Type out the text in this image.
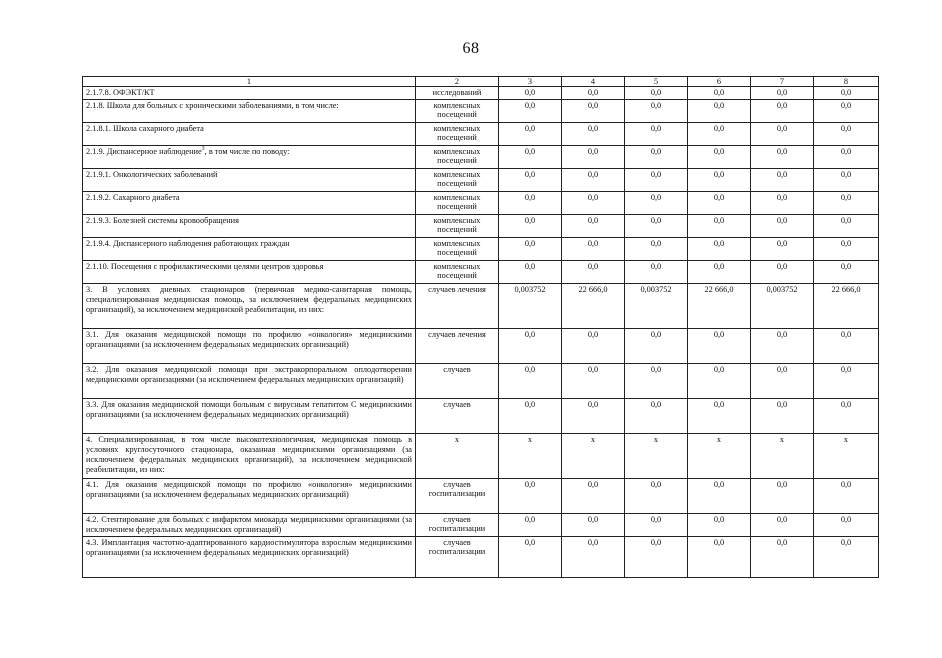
68
1	2	3	4	5	6	7	8
2.1.7.8. ОФЭКТ/КТ	исследований	0,0	0,0	0,0	0,0	0,0	0,0
2.1.8. Школа для больных с хроническими заболеваниями, в том числе:	комплексных посещений	0,0	0,0	0,0	0,0	0,0	0,0
2.1.8.1. Школа сахарного диабета	комплексных посещений	0,0	0,0	0,0	0,0	0,0	0,0
2.1.9. Диспансерное наблюдение$^3$, в том числе по поводу:	комплексных посещений	0,0	0,0	0,0	0,0	0,0	0,0
2.1.9.1. Онкологических заболеваний	комплексных посещений	0,0	0,0	0,0	0,0	0,0	0,0
2.1.9.2. Сахарного диабета	комплексных посещений	0,0	0,0	0,0	0,0	0,0	0,0
2.1.9.3. Болезней системы кровообращения	комплексных посещений	0,0	0,0	0,0	0,0	0,0	0,0
2.1.9.4. Диспансерного наблюдения работающих граждан	комплексных посещений	0,0	0,0	0,0	0,0	0,0	0,0
2.1.10. Посещения с профилактическими целями центров здоровья	комплексных посещений	0,0	0,0	0,0	0,0	0,0	0,0
3. В условиях дневных стационаров (первичная медико-санитарная помощь, специализированная медицинская помощь, за исключением федеральных медицинских организаций), за исключением медицинской реабилитации, из них:	случаев лечения	0,003752	22 666,0	0,003752	22 666,0	0,003752	22 666,0
3.1. Для оказания медицинской помощи по профилю «онкология» медицинскими организациями (за исключением федеральных медицинских организаций)	случаев лечения	0,0	0,0	0,0	0,0	0,0	0,0
3.2. Для оказания медицинской помощи при экстракорпоральном оплодотворении медицинскими организациями (за исключением федеральных медицинских организаций)	случаев	0,0	0,0	0,0	0,0	0,0	0,0
3.3. Для оказания медицинской помощи больным с вирусным гепатитом С медицинскими организациями (за исключением федеральных медицинских организаций)	случаев	0,0	0,0	0,0	0,0	0,0	0,0
4. Специализированная, в том числе высокотехнологичная, медицинская помощь в условиях круглосуточного стационара, оказанная медицинскими организациями (за исключением федеральных медицинских организаций), за исключением медицинской реабилитации, из них:	x	x	x	x	x	x	x
4.1. Для оказания медицинской помощи по профилю «онкология» медицинскими организациями (за исключением федеральных медицинских организаций)	случаев госпитализации	0,0	0,0	0,0	0,0	0,0	0,0
4.2. Стентирование для больных с инфарктом миокарда медицинскими организациями (за исключением федеральных медицинских организаций)	случаев госпитализации	0,0	0,0	0,0	0,0	0,0	0,0
4.3. Имплантация частотно-адаптированного кардиостимулятора взрослым медицинскими организациями (за исключением федеральных медицинских организаций)	случаев госпитализации	0,0	0,0	0,0	0,0	0,0	0,0
